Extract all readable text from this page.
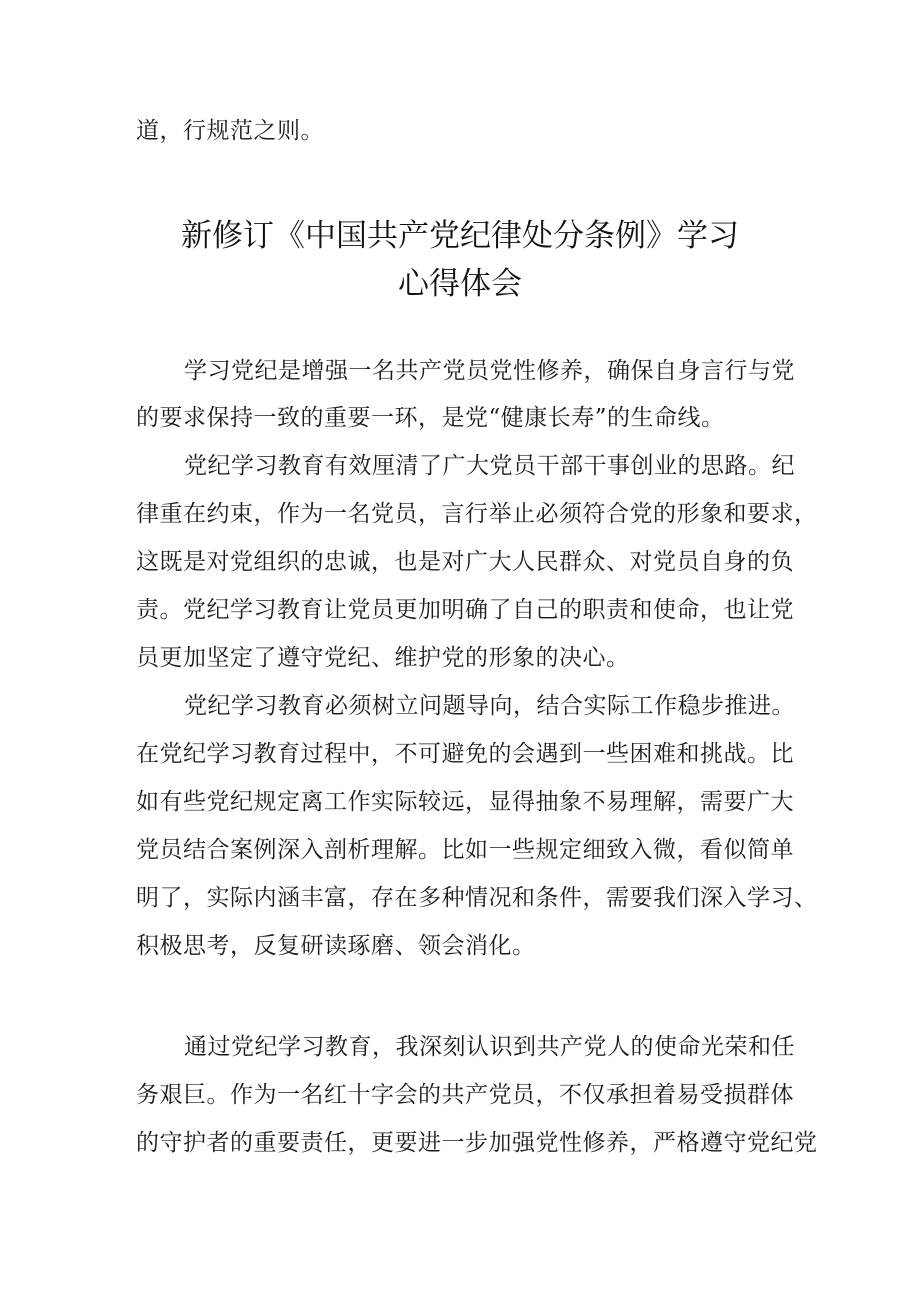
道，行规范之则。
新修订《中国共产党纪律处分条例》学习
心得体会
学习党纪是增强一名共产党员党性修养，确保自身言行与党
的要求保持一致的重要一环，是党“健康长寿”的生命线。
党纪学习教育有效厘清了广大党员干部干事创业的思路。纪
律重在约束，作为一名党员，言行举止必须符合党的形象和要求，
这既是对党组织的忠诚，也是对广大人民群众、对党员自身的负
责。党纪学习教育让党员更加明确了自己的职责和使命，也让党
员更加坚定了遵守党纪、维护党的形象的决心。
党纪学习教育必须树立问题导向，结合实际工作稳步推进。
在党纪学习教育过程中，不可避免的会遇到一些困难和挑战。比
如有些党纪规定离工作实际较远，显得抽象不易理解，需要广大
党员结合案例深入剖析理解。比如一些规定细致入微，看似简单
明了，实际内涵丰富，存在多种情况和条件，需要我们深入学习、
积极思考，反复研读琢磨、领会消化。
通过党纪学习教育，我深刻认识到共产党人的使命光荣和任
务艰巨。作为一名红十字会的共产党员，不仅承担着易受损群体
的守护者的重要责任，更要进一步加强党性修养，严格遵守党纪党
